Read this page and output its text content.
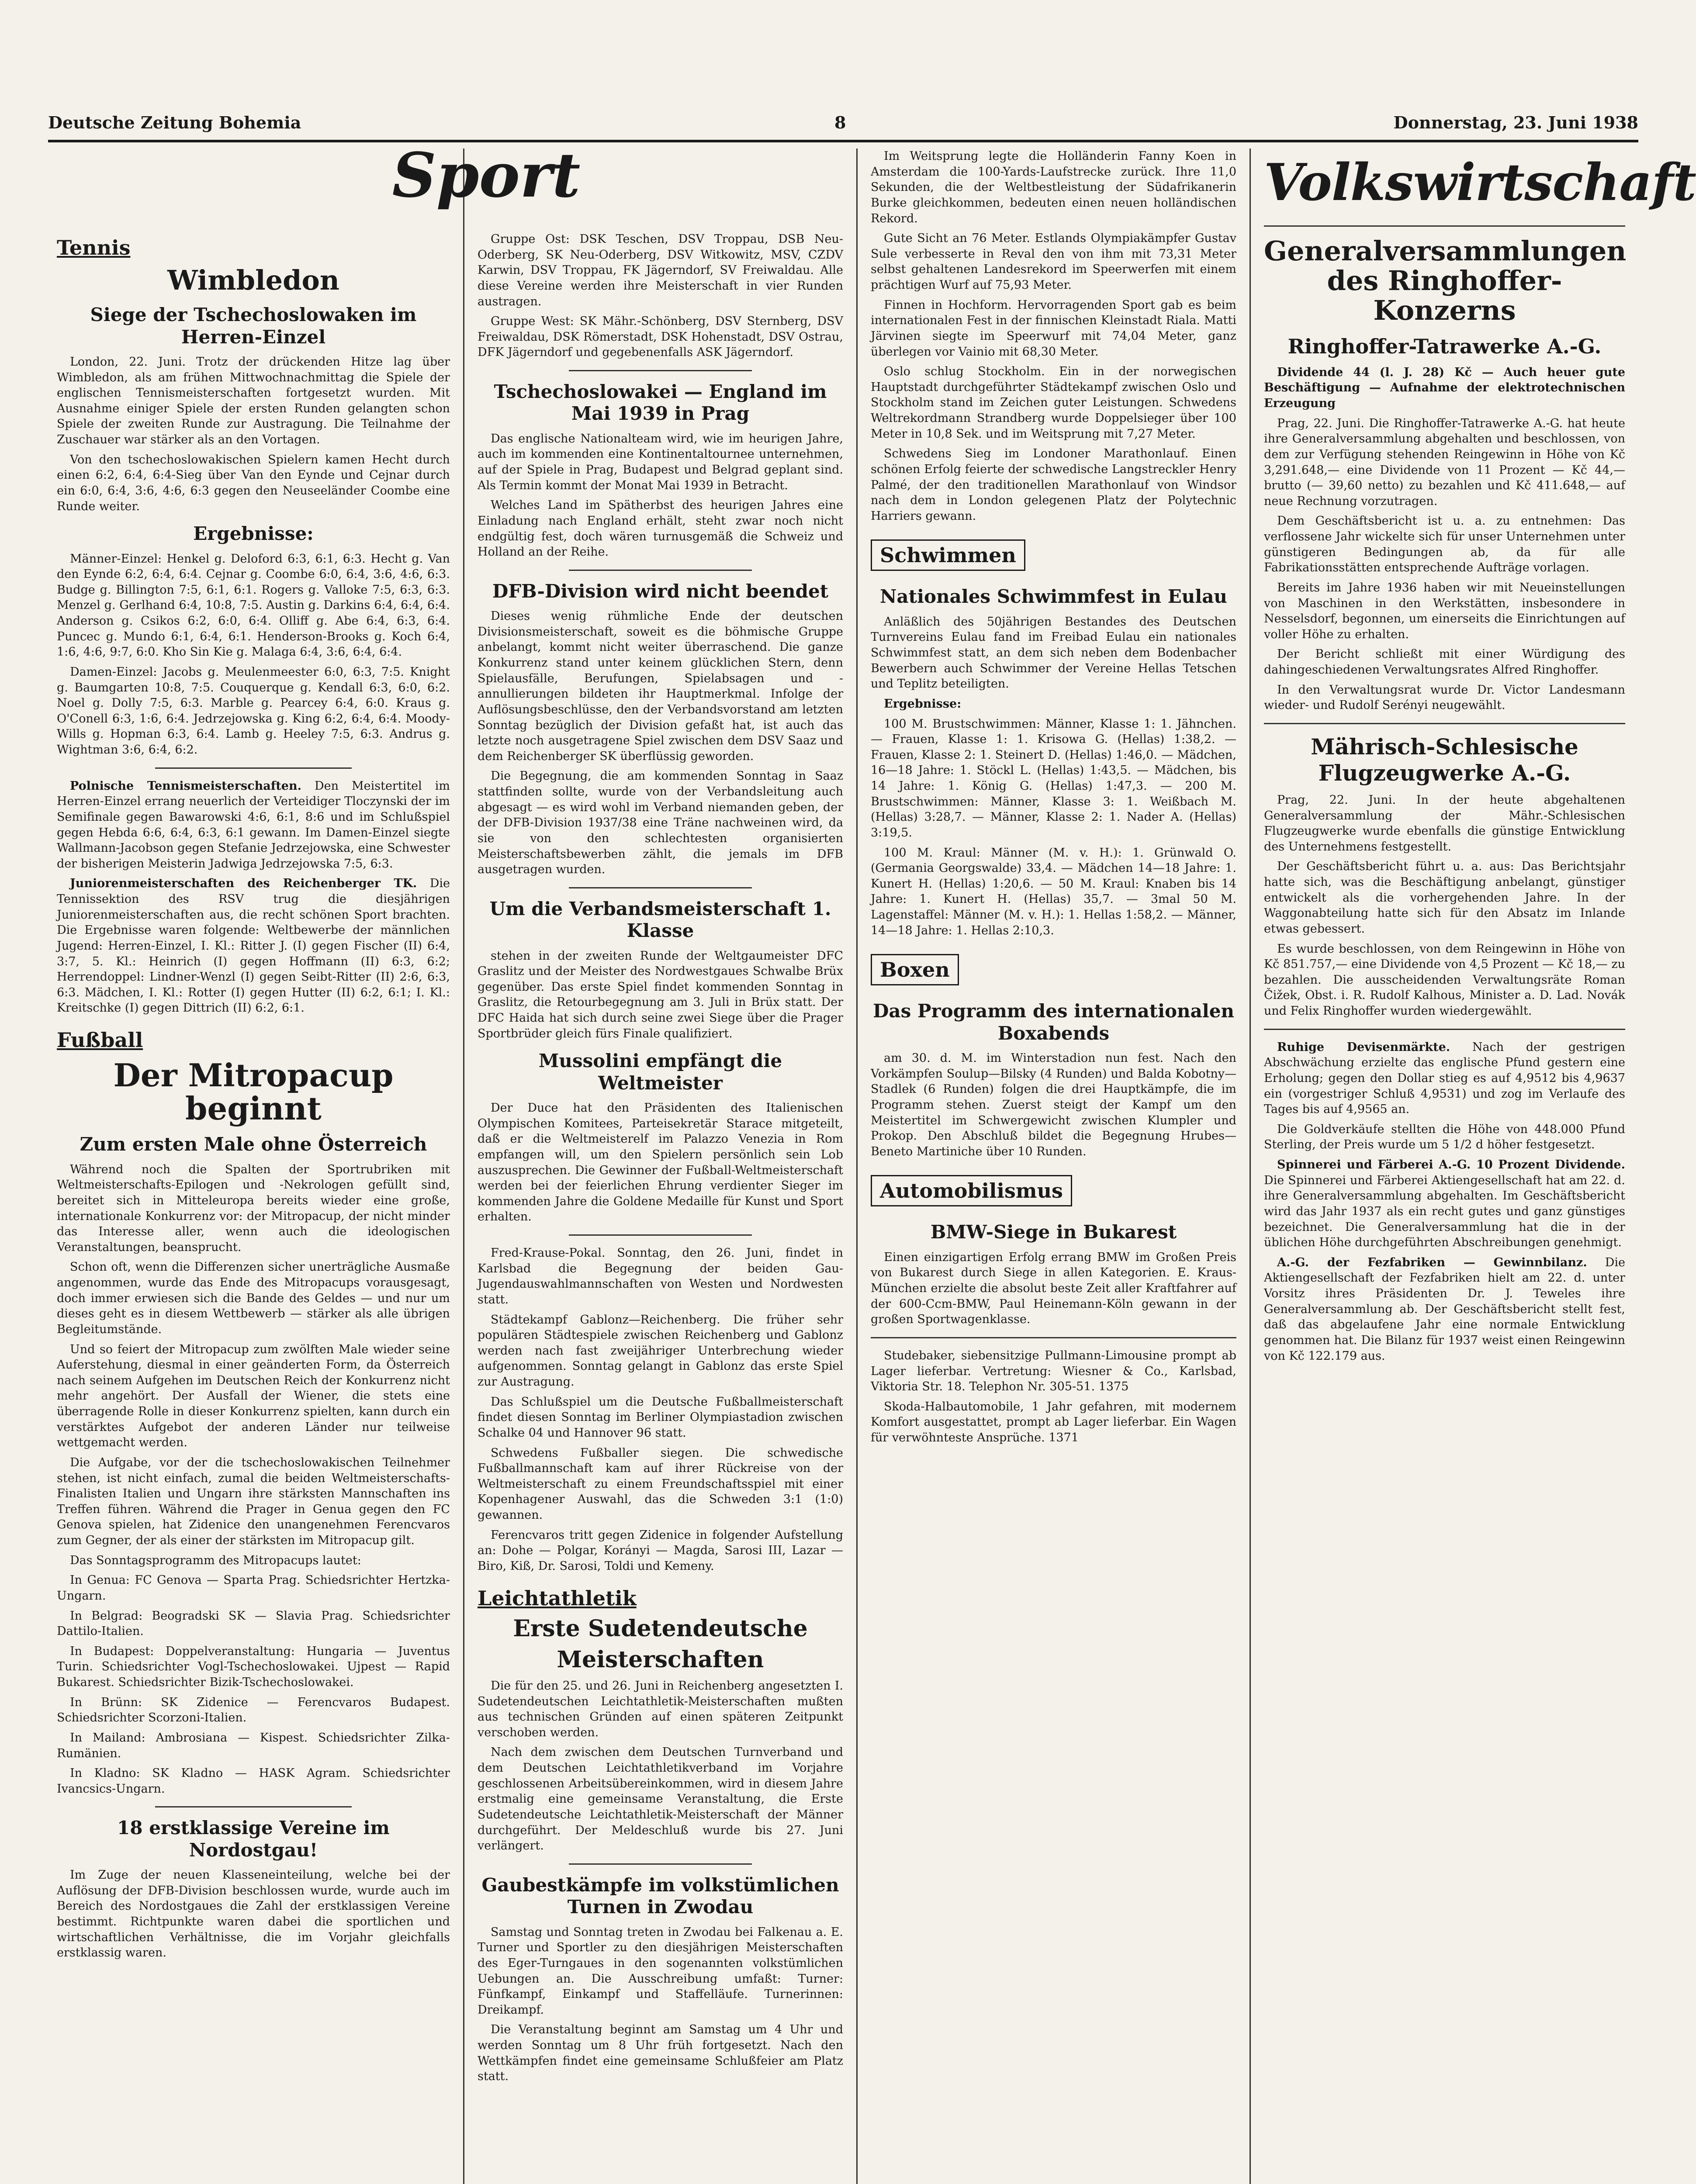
Deutsche Zeitung Bohemia	8	Donnerstag, 23. Juni 1938
Tennis
Wimbledon
Siege der Tschechoslowaken im Herren-Einzel

London, 22. Juni. Trotz der drückenden Hitze lag über Wimbledon, als am frühen Mittwochnachmittag die Spiele der englischen Tennismeisterschaften fortgesetzt wurden. Mit Ausnahme einiger Spiele der ersten Runden gelangten schon Spiele der zweiten Runde zur Austragung. Die Teilnahme der Zuschauer war stärker als an den Vortagen.

Von den tschechoslowakischen Spielern kamen Hecht durch einen 6:2, 6:4, 6:4-Sieg über Van den Eynde und Cejnar durch ein 6:0, 6:4, 3:6, 4:6, 6:3 gegen den Neuseeländer Coombe eine Runde weiter.

Ergebnisse:

Männer-Einzel: Henkel g. Deloford 6:3, 6:1, 6:3. Hecht g. Van den Eynde 6:2, 6:4, 6:4. Cejnar g. Coombe 6:0, 6:4, 3:6, 4:6, 6:3. Budge g. Billington 7:5, 6:1, 6:1. Rogers g. Valloke 7:5, 6:3, 6:3. Menzel g. Gerlhand 6:4, 10:8, 7:5. Austin g. Darkins 6:4, 6:4, 6:4. Anderson g. Csikos 6:2, 6:0, 6:4. Olliff g. Abe 6:4, 6:3, 6:4. Puncec g. Mundo 6:1, 6:4, 6:1. Henderson-Brooks g. Koch 6:4, 1:6, 4:6, 9:7, 6:0. Kho Sin Kie g. Malaga 6:4, 3:6, 6:4, 6:4.

Damen-Einzel: Jacobs g. Meulenmeester 6:0, 6:3, 7:5. Knight g. Baumgarten 10:8, 7:5. Couquerque g. Kendall 6:3, 6:0, 6:2. Noel g. Dolly 7:5, 6:3. Marble g. Pearcey 6:4, 6:0. Kraus g. O'Conell 6:3, 1:6, 6:4. Jedrzejowska g. King 6:2, 6:4, 6:4. Moody-Wills g. Hopman 6:3, 6:4. Lamb g. Heeley 7:5, 6:3. Andrus g. Wightman 3:6, 6:4, 6:2.

Polnische Tennismeisterschaften. Den Meistertitel im Herren-Einzel errang neuerlich der Verteidiger Tloczynski der im Semifinale gegen Bawarowski 4:6, 6:1, 8:6 und im Schlußspiel gegen Hebda 6:6, 6:4, 6:3, 6:1 gewann. Im Damen-Einzel siegte Wallmann-Jacobson gegen Stefanie Jedrzejowska, eine Schwester der bisherigen Meisterin Jadwiga Jedrzejowska 7:5, 6:3.

Juniorenmeisterschaften des Reichenberger TK. Die Tennissektion des RSV trug die diesjährigen Juniorenmeisterschaften aus, die recht schönen Sport brachten. Die Ergebnisse waren folgende: Weltbewerbe der männlichen Jugend: Herren-Einzel, I. Kl.: Ritter J. (I) gegen Fischer (II) 6:4, 3:7, 5. Kl.: Heinrich (I) gegen Hoffmann (II) 6:3, 6:2; Herrendoppel: Lindner-Wenzl (I) gegen Seibt-Ritter (II) 2:6, 6:3, 6:3. Mädchen, I. Kl.: Rotter (I) gegen Hutter (II) 6:2, 6:1; I. Kl.: Kreitschke (I) gegen Dittrich (II) 6:2, 6:1.

Fußball
Der Mitropacup beginnt
Zum ersten Male ohne Österreich

Während noch die Spalten der Sportrubriken mit Weltmeisterschafts-Epilogen und -Nekrologen gefüllt sind, bereitet sich in Mitteleuropa bereits wieder eine große, internationale Konkurrenz vor: der Mitropacup, der nicht minder das Interesse aller, wenn auch die ideologischen Veranstaltungen, beansprucht.

Schon oft, wenn die Differenzen sicher unerträgliche Ausmaße angenommen, wurde das Ende des Mitropacups vorausgesagt, doch immer erwiesen sich die Bande des Geldes — und nur um dieses geht es in diesem Wettbewerb — stärker als alle übrigen Begleitumstände.

Und so feiert der Mitropacup zum zwölften Male wieder seine Auferstehung, diesmal in einer geänderten Form, da Österreich nach seinem Aufgehen im Deutschen Reich der Konkurrenz nicht mehr angehört. Der Ausfall der Wiener, die stets eine überragende Rolle in dieser Konkurrenz spielten, kann durch ein verstärktes Aufgebot der anderen Länder nur teilweise wettgemacht werden.

Die Aufgabe, vor der die tschechoslowakischen Teilnehmer stehen, ist nicht einfach, zumal die beiden Weltmeisterschafts-Finalisten Italien und Ungarn ihre stärksten Mannschaften ins Treffen führen. Während die Prager in Genua gegen den FC Genova spielen, hat Zidenice den unangenehmen Ferencvaros zum Gegner, der als einer der stärksten im Mitropacup gilt.

Das Sonntagsprogramm des Mitropacups lautet:

In Genua: FC Genova — Sparta Prag. Schiedsrichter Hertzka-Ungarn.

In Belgrad: Beogradski SK — Slavia Prag. Schiedsrichter Dattilo-Italien.

In Budapest: Doppelveranstaltung: Hungaria — Juventus Turin. Schiedsrichter Vogl-Tschechoslowakei. Ujpest — Rapid Bukarest. Schiedsrichter Bizik-Tschechoslowakei.

In Brünn: SK Zidenice — Ferencvaros Budapest. Schiedsrichter Scorzoni-Italien.

In Mailand: Ambrosiana — Kispest. Schiedsrichter Zilka-Rumänien.

In Kladno: SK Kladno — HASK Agram. Schiedsrichter Ivancsics-Ungarn.

18 erstklassige Vereine im Nordostgau!

Im Zuge der neuen Klasseneinteilung, welche bei der Auflösung der DFB-Division beschlossen wurde, wurde auch im Bereich des Nordostgaues die Zahl der erstklassigen Vereine bestimmt. Richtpunkte waren dabei die sportlichen und wirtschaftlichen Verhältnisse, die im Vorjahr gleichfalls erstklassig waren.

Sport

Gruppe Ost: DSK Teschen, DSV Troppau, DSB Neu-Oderberg, SK Neu-Oderberg, DSV Witkowitz, MSV, CZDV Karwin, DSV Troppau, FK Jägerndorf, SV Freiwaldau. Alle diese Vereine werden ihre Meisterschaft in vier Runden austragen.

Gruppe West: SK Mähr.-Schönberg, DSV Sternberg, DSV Freiwaldau, DSK Römerstadt, DSK Hohenstadt, DSV Ostrau, DFK Jägerndorf und gegebenenfalls ASK Jägerndorf.

Tschechoslowakei — England im Mai 1939 in Prag

Das englische Nationalteam wird, wie im heurigen Jahre, auch im kommenden eine Kontinentaltournee unternehmen, auf der Spiele in Prag, Budapest und Belgrad geplant sind. Als Termin kommt der Monat Mai 1939 in Betracht.

Welches Land im Spätherbst des heurigen Jahres eine Einladung nach England erhält, steht zwar noch nicht endgültig fest, doch wären turnusgemäß die Schweiz und Holland an der Reihe.

DFB-Division wird nicht beendet

Dieses wenig rühmliche Ende der deutschen Divisionsmeisterschaft, soweit es die böhmische Gruppe anbelangt, kommt nicht weiter überraschend. Die ganze Konkurrenz stand unter keinem glücklichen Stern, denn Spielausfälle, Berufungen, Spielabsagen und -annullierungen bildeten ihr Hauptmerkmal. Infolge der Auflösungsbeschlüsse, den der Verbandsvorstand am letzten Sonntag bezüglich der Division gefaßt hat, ist auch das letzte noch ausgetragene Spiel zwischen dem DSV Saaz und dem Reichenberger SK überflüssig geworden.

Die Begegnung, die am kommenden Sonntag in Saaz stattfinden sollte, wurde von der Verbandsleitung auch abgesagt — es wird wohl im Verband niemanden geben, der der DFB-Division 1937/38 eine Träne nachweinen wird, da sie von den schlechtesten organisierten Meisterschaftsbewerben zählt, die jemals im DFB ausgetragen wurden.

Um die Verbandsmeisterschaft 1. Klasse

stehen in der zweiten Runde der Weltgaumeister DFC Graslitz und der Meister des Nordwestgaues Schwalbe Brüx gegenüber. Das erste Spiel findet kommenden Sonntag in Graslitz, die Retourbegegnung am 3. Juli in Brüx statt. Der DFC Haida hat sich durch seine zwei Siege über die Prager Sportbrüder gleich fürs Finale qualifiziert.

Mussolini empfängt die Weltmeister

Der Duce hat den Präsidenten des Italienischen Olympischen Komitees, Parteisekretär Starace mitgeteilt, daß er die Weltmeisterelf im Palazzo Venezia in Rom empfangen will, um den Spielern persönlich sein Lob auszusprechen. Die Gewinner der Fußball-Weltmeisterschaft werden bei der feierlichen Ehrung verdienter Sieger im kommenden Jahre die Goldene Medaille für Kunst und Sport erhalten.

Fred-Krause-Pokal. Sonntag, den 26. Juni, findet in Karlsbad die Begegnung der beiden Gau-Jugendauswahlmannschaften von Westen und Nordwesten statt.

Städtekampf Gablonz—Reichenberg. Die früher sehr populären Städtespiele zwischen Reichenberg und Gablonz werden nach fast zweijähriger Unterbrechung wieder aufgenommen. Sonntag gelangt in Gablonz das erste Spiel zur Austragung.

Das Schlußspiel um die Deutsche Fußballmeisterschaft findet diesen Sonntag im Berliner Olympiastadion zwischen Schalke 04 und Hannover 96 statt.

Schwedens Fußballer siegen. Die schwedische Fußballmannschaft kam auf ihrer Rückreise von der Weltmeisterschaft zu einem Freundschaftsspiel mit einer Kopenhagener Auswahl, das die Schweden 3:1 (1:0) gewannen.

Ferencvaros tritt gegen Zidenice in folgender Aufstellung an: Dohe — Polgar, Korányi — Magda, Sarosi III, Lazar — Biro, Kiß, Dr. Sarosi, Toldi und Kemeny.

Leichtathletik
Erste Sudetendeutsche
Meisterschaften

Die für den 25. und 26. Juni in Reichenberg angesetzten I. Sudetendeutschen Leichtathletik-Meisterschaften mußten aus technischen Gründen auf einen späteren Zeitpunkt verschoben werden.

Nach dem zwischen dem Deutschen Turnverband und dem Deutschen Leichtathletikverband im Vorjahre geschlossenen Arbeitsübereinkommen, wird in diesem Jahre erstmalig eine gemeinsame Veranstaltung, die Erste Sudetendeutsche Leichtathletik-Meisterschaft der Männer durchgeführt. Der Meldeschluß wurde bis 27. Juni verlängert.

Gaubestkämpfe im volkstümlichen Turnen in Zwodau

Samstag und Sonntag treten in Zwodau bei Falkenau a. E. Turner und Sportler zu den diesjährigen Meisterschaften des Eger-Turngaues in den sogenannten volkstümlichen Uebungen an. Die Ausschreibung umfaßt: Turner: Fünfkampf, Einkampf und Staffelläufe. Turnerinnen: Dreikampf.

Die Veranstaltung beginnt am Samstag um 4 Uhr und werden Sonntag um 8 Uhr früh fortgesetzt. Nach den Wettkämpfen findet eine gemeinsame Schlußfeier am Platz statt.

Im Weitsprung legte die Holländerin Fanny Koen in Amsterdam die 100-Yards-Laufstrecke zurück. Ihre 11,0 Sekunden, die der Weltbestleistung der Südafrikanerin Burke gleichkommen, bedeuten einen neuen holländischen Rekord.

Gute Sicht an 76 Meter. Estlands Olympiakämpfer Gustav Sule verbesserte in Reval den von ihm mit 73,31 Meter selbst gehaltenen Landesrekord im Speerwerfen mit einem prächtigen Wurf auf 75,93 Meter.

Finnen in Hochform. Hervorragenden Sport gab es beim internationalen Fest in der finnischen Kleinstadt Riala. Matti Järvinen siegte im Speerwurf mit 74,04 Meter, ganz überlegen vor Vainio mit 68,30 Meter.

Oslo schlug Stockholm. Ein in der norwegischen Hauptstadt durchgeführter Städtekampf zwischen Oslo und Stockholm stand im Zeichen guter Leistungen. Schwedens Weltrekordmann Strandberg wurde Doppelsieger über 100 Meter in 10,8 Sek. und im Weitsprung mit 7,27 Meter.

Schwedens Sieg im Londoner Marathonlauf. Einen schönen Erfolg feierte der schwedische Langstreckler Henry Palmé, der den traditionellen Marathonlauf von Windsor nach dem in London gelegenen Platz der Polytechnic Harriers gewann.

Schwimmen
Nationales Schwimmfest in Eulau

Anläßlich des 50jährigen Bestandes des Deutschen Turnvereins Eulau fand im Freibad Eulau ein nationales Schwimmfest statt, an dem sich neben dem Bodenbacher Bewerbern auch Schwimmer der Vereine Hellas Tetschen und Teplitz beteiligten.

Ergebnisse:

100 M. Brustschwimmen: Männer, Klasse 1: 1. Jähnchen. — Frauen, Klasse 1: 1. Krisowa G. (Hellas) 1:38,2. — Frauen, Klasse 2: 1. Steinert D. (Hellas) 1:46,0. — Mädchen, 16—18 Jahre: 1. Stöckl L. (Hellas) 1:43,5. — Mädchen, bis 14 Jahre: 1. König G. (Hellas) 1:47,3. — 200 M. Brustschwimmen: Männer, Klasse 3: 1. Weißbach M. (Hellas) 3:28,7. — Männer, Klasse 2: 1. Nader A. (Hellas) 3:19,5.

100 M. Kraul: Männer (M. v. H.): 1. Grünwald O. (Germania Georgswalde) 33,4. — Mädchen 14—18 Jahre: 1. Kunert H. (Hellas) 1:20,6. — 50 M. Kraul: Knaben bis 14 Jahre: 1. Kunert H. (Hellas) 35,7. — 3mal 50 M. Lagenstaffel: Männer (M. v. H.): 1. Hellas 1:58,2. — Männer, 14—18 Jahre: 1. Hellas 2:10,3.

Boxen
Das Programm des internationalen Boxabends

am 30. d. M. im Winterstadion nun fest. Nach den Vorkämpfen Soulup—Bilsky (4 Runden) und Balda Kobotny—Stadlek (6 Runden) folgen die drei Hauptkämpfe, die im Programm stehen. Zuerst steigt der Kampf um den Meistertitel im Schwergewicht zwischen Klumpler und Prokop. Den Abschluß bildet die Begegnung Hrubes—Beneto Martiniche über 10 Runden.

Automobilismus
BMW-Siege in Bukarest

Einen einzigartigen Erfolg errang BMW im Großen Preis von Bukarest durch Siege in allen Kategorien. E. Kraus-München erzielte die absolut beste Zeit aller Kraftfahrer auf der 600-Ccm-BMW, Paul Heinemann-Köln gewann in der großen Sportwagenklasse.

Studebaker, siebensitzige Pullmann-Limousine prompt ab Lager lieferbar. Vertretung: Wiesner & Co., Karlsbad, Viktoria Str. 18. Telephon Nr. 305-51. 1375

Skoda-Halbautomobile, 1 Jahr gefahren, mit modernem Komfort ausgestattet, prompt ab Lager lieferbar. Ein Wagen für verwöhnteste Ansprüche. 1371

Volkswirtschaft
Generalversammlungen des Ringhoffer-Konzerns
Ringhoffer-Tatrawerke A.-G.

Dividende 44 (l. J. 28) Kč — Auch heuer gute Beschäftigung — Aufnahme der elektrotechnischen Erzeugung

Prag, 22. Juni. Die Ringhoffer-Tatrawerke A.-G. hat heute ihre Generalversammlung abgehalten und beschlossen, von dem zur Verfügung stehenden Reingewinn in Höhe von Kč 3,291.648,— eine Dividende von 11 Prozent — Kč 44,— brutto (— 39,60 netto) zu bezahlen und Kč 411.648,— auf neue Rechnung vorzutragen.

Dem Geschäftsbericht ist u. a. zu entnehmen: Das verflossene Jahr wickelte sich für unser Unternehmen unter günstigeren Bedingungen ab, da für alle Fabrikationsstätten entsprechende Aufträge vorlagen.

Bereits im Jahre 1936 haben wir mit Neueinstellungen von Maschinen in den Werkstätten, insbesondere in Nesselsdorf, begonnen, um einerseits die Einrichtungen auf voller Höhe zu erhalten.

Der Bericht schließt mit einer Würdigung des dahingeschiedenen Verwaltungsrates Alfred Ringhoffer.

In den Verwaltungsrat wurde Dr. Victor Landesmann wieder- und Rudolf Serényi neugewählt.

Mährisch-Schlesische Flugzeugwerke A.-G.

Prag, 22. Juni. In der heute abgehaltenen Generalversammlung der Mähr.-Schlesischen Flugzeugwerke wurde ebenfalls die günstige Entwicklung des Unternehmens festgestellt.

Der Geschäftsbericht führt u. a. aus: Das Berichtsjahr hatte sich, was die Beschäftigung anbelangt, günstiger entwickelt als die vorhergehenden Jahre. In der Waggonabteilung hatte sich für den Absatz im Inlande etwas gebessert.

Es wurde beschlossen, von dem Reingewinn in Höhe von Kč 851.757,— eine Dividende von 4,5 Prozent — Kč 18,— zu bezahlen. Die ausscheidenden Verwaltungsräte Roman Čižek, Obst. i. R. Rudolf Kalhous, Minister a. D. Lad. Novák und Felix Ringhoffer wurden wiedergewählt.

Ruhige Devisenmärkte. Nach der gestrigen Abschwächung erzielte das englische Pfund gestern eine Erholung; gegen den Dollar stieg es auf 4,9512 bis 4,9637 ein (vorgestriger Schluß 4,9531) und zog im Verlaufe des Tages bis auf 4,9565 an.

Die Goldverkäufe stellten die Höhe von 448.000 Pfund Sterling, der Preis wurde um 5 1/2 d höher festgesetzt.

Spinnerei und Färberei A.-G. 10 Prozent Dividende. Die Spinnerei und Färberei Aktiengesellschaft hat am 22. d. ihre Generalversammlung abgehalten. Im Geschäftsbericht wird das Jahr 1937 als ein recht gutes und ganz günstiges bezeichnet. Die Generalversammlung hat die in der üblichen Höhe durchgeführten Abschreibungen genehmigt.

A.-G. der Fezfabriken — Gewinnbilanz. Die Aktiengesellschaft der Fezfabriken hielt am 22. d. unter Vorsitz ihres Präsidenten Dr. J. Teweles ihre Generalversammlung ab. Der Geschäftsbericht stellt fest, daß das abgelaufene Jahr eine normale Entwicklung genommen hat. Die Bilanz für 1937 weist einen Reingewinn von Kč 122.179 aus.
